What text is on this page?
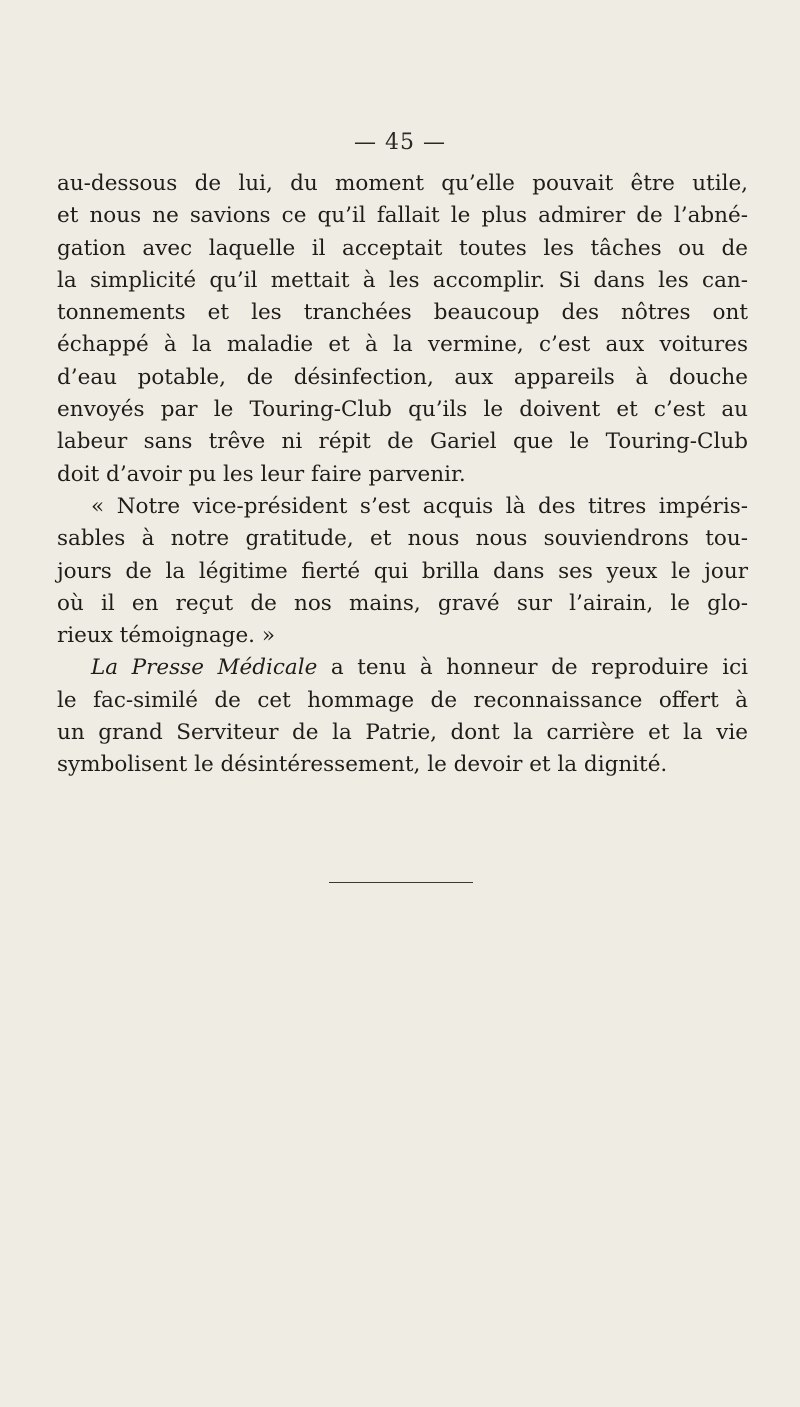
— 45 —
au-dessous de lui, du moment qu’elle pouvait être utile,
et nous ne savions ce qu’il fallait le plus admirer de l’abné-
gation avec laquelle il acceptait toutes les tâches ou de
la simplicité qu’il mettait à les accomplir. Si dans les can-
tonnements et les tranchées beaucoup des nôtres ont
échappé à la maladie et à la vermine, c’est aux voitures
d’eau potable, de désinfection, aux appareils à douche
envoyés par le Touring-Club qu’ils le doivent et c’est au
labeur sans trêve ni répit de Gariel que le Touring-Club
doit d’avoir pu les leur faire parvenir.
« Notre vice-président s’est acquis là des titres impéris-
sables à notre gratitude, et nous nous souviendrons tou-
jours de la légitime fierté qui brilla dans ses yeux le jour
où il en reçut de nos mains, gravé sur l’airain, le glo-
rieux témoignage. »
La Presse Médicale a tenu à honneur de reproduire ici
le fac-similé de cet hommage de reconnaissance offert à
un grand Serviteur de la Patrie, dont la carrière et la vie
symbolisent le désintéressement, le devoir et la dignité.
